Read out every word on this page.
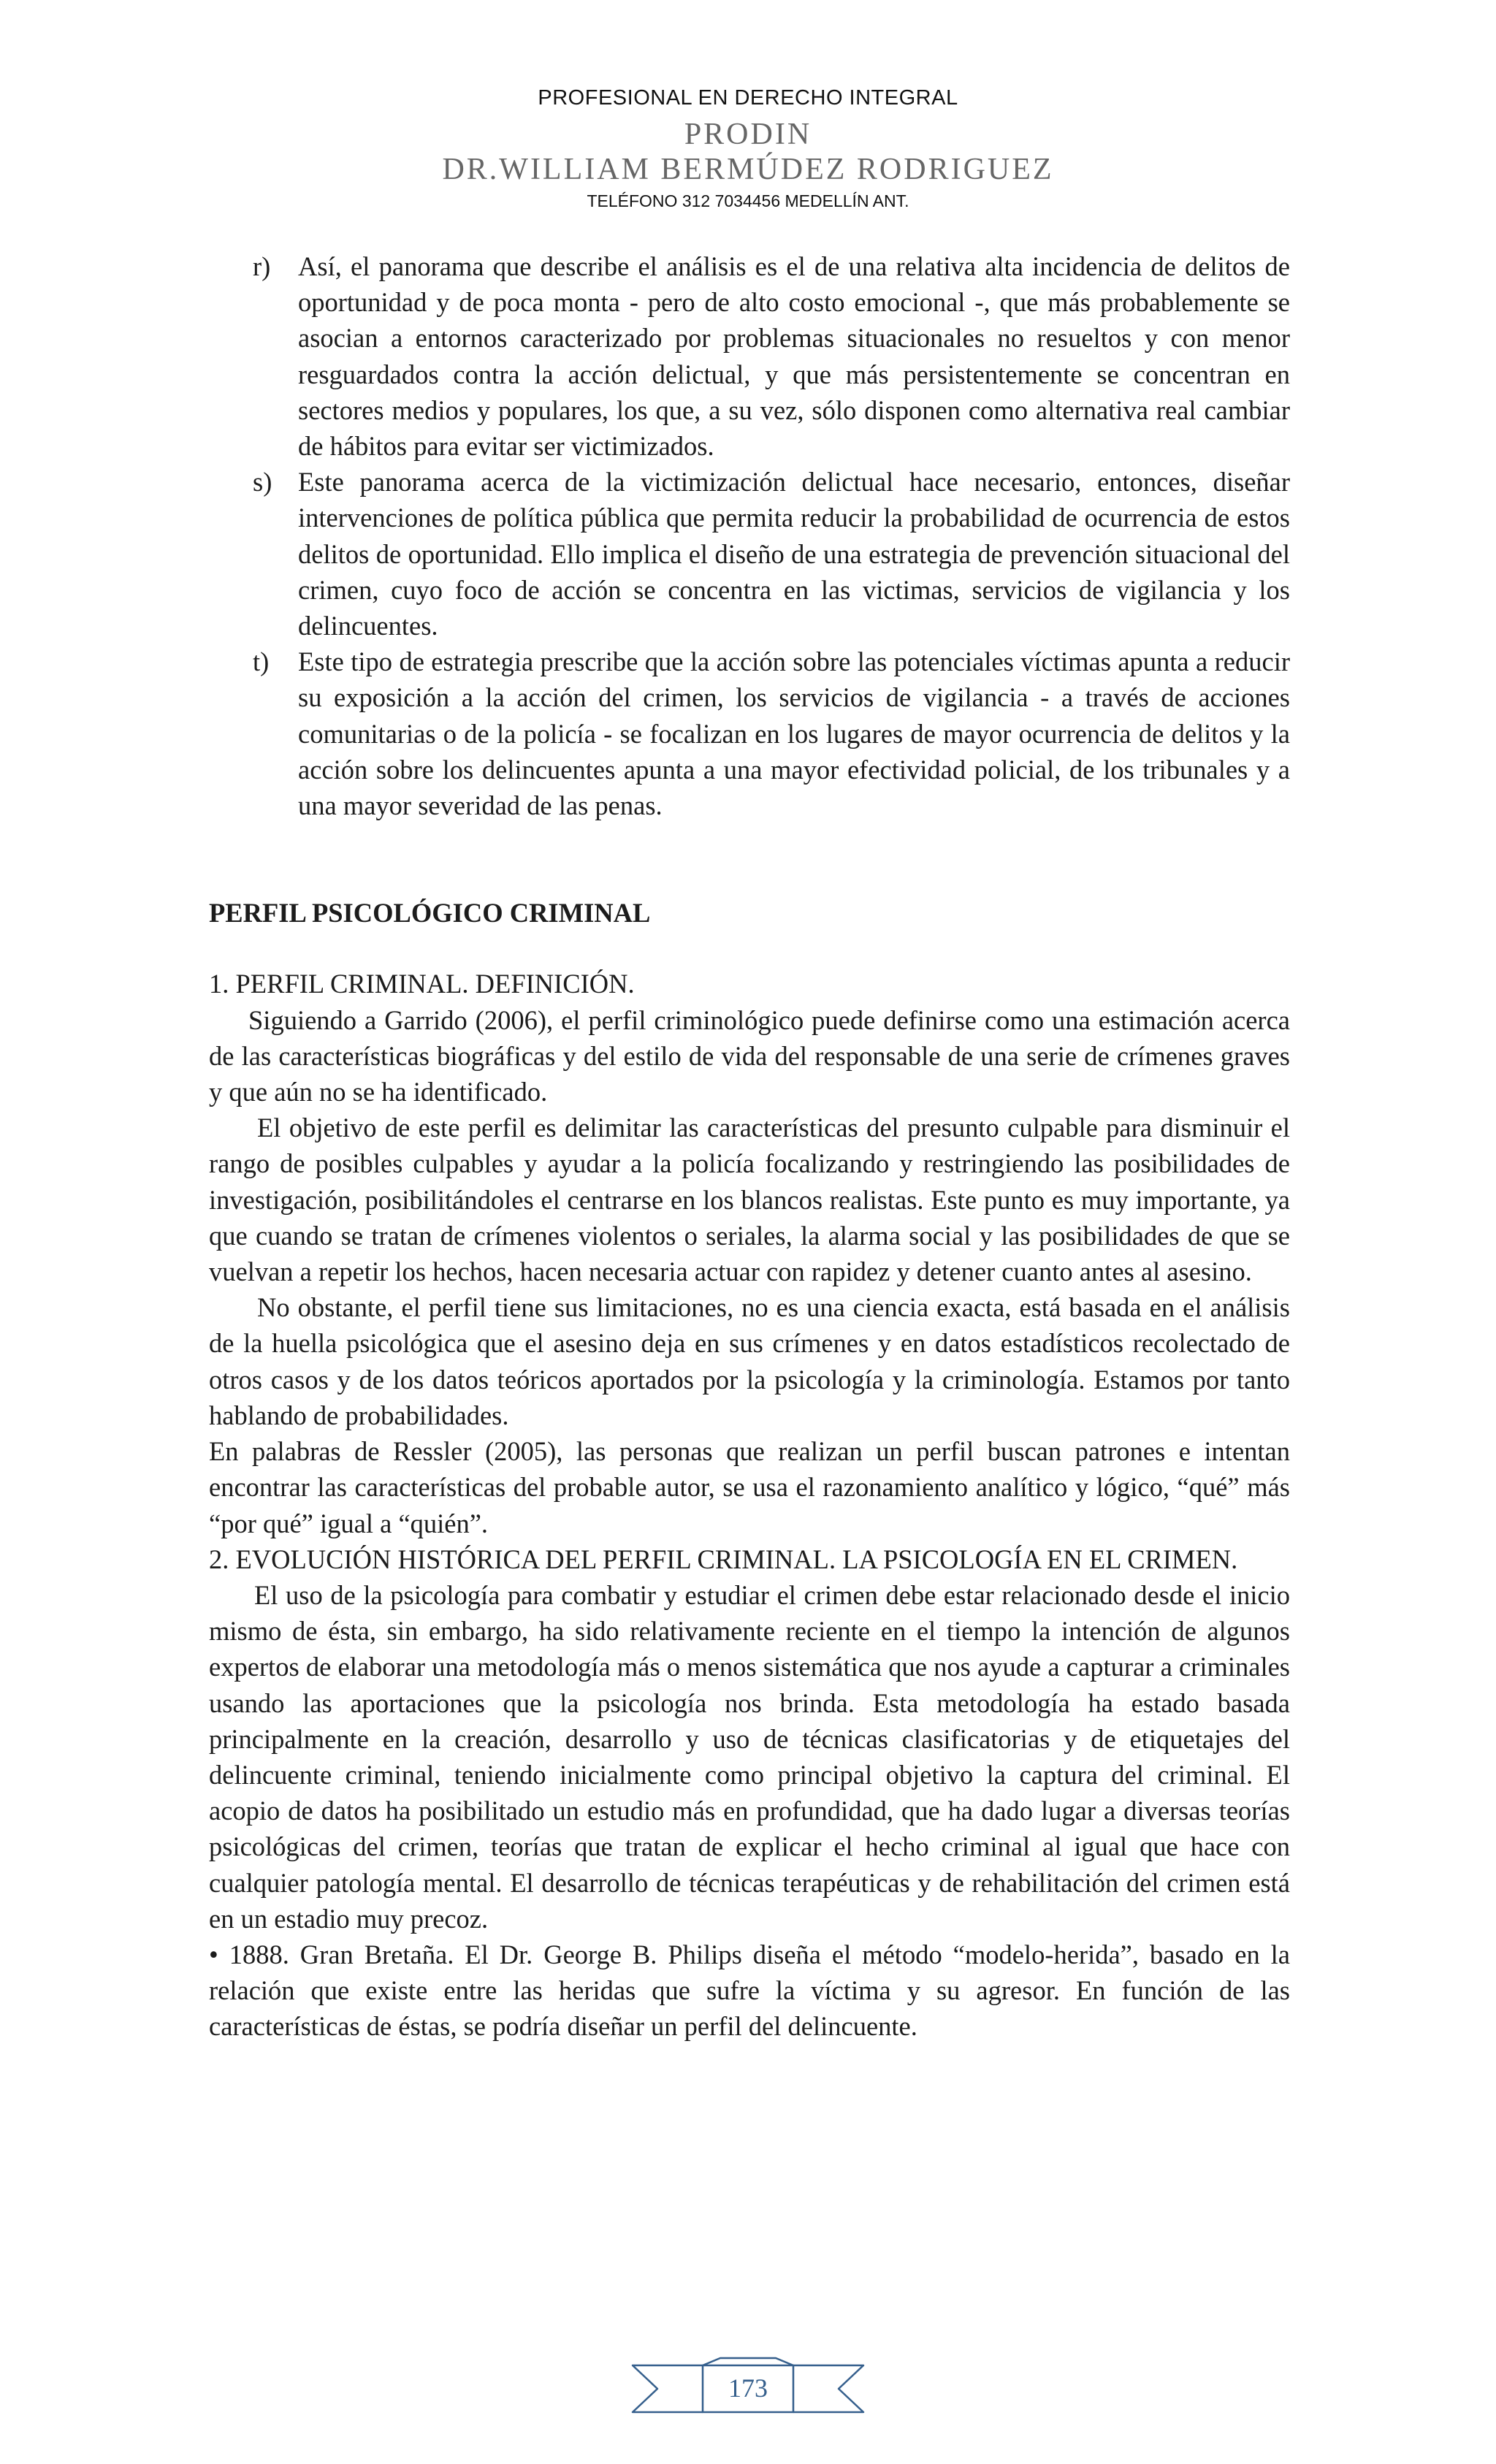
PROFESIONAL EN DERECHO INTEGRAL
PRODIN
DR.WILLIAM BERMÚDEZ RODRIGUEZ
TELÉFONO 312 7034456 MEDELLÍN ANT.
r) Así, el panorama que describe el análisis es el de una relativa alta incidencia de delitos de oportunidad y de poca monta - pero de alto costo emocional -, que más probablemente se asocian a entornos caracterizado por problemas situacionales no resueltos y con menor resguardados contra la acción delictual, y que más persistentemente se concentran en sectores medios y populares, los que, a su vez, sólo disponen como alternativa real cambiar de hábitos para evitar ser victimizados.
s) Este panorama acerca de la victimización delictual hace necesario, entonces, diseñar intervenciones de política pública que permita reducir la probabilidad de ocurrencia de estos delitos de oportunidad. Ello implica el diseño de una estrategia de prevención situacional del crimen, cuyo foco de acción se concentra en las victimas, servicios de vigilancia y los delincuentes.
t) Este tipo de estrategia prescribe que la acción sobre las potenciales víctimas apunta a reducir su exposición a la acción del crimen, los servicios de vigilancia - a través de acciones comunitarias o de la policía - se focalizan en los lugares de mayor ocurrencia de delitos y la acción sobre los delincuentes apunta a una mayor efectividad policial, de los tribunales y a una mayor severidad de las penas.
PERFIL PSICOLÓGICO CRIMINAL
1. PERFIL CRIMINAL. DEFINICIÓN.

Siguiendo a Garrido (2006), el perfil criminológico puede definirse como una estimación acerca de las características biográficas y del estilo de vida del responsable de una serie de crímenes graves y que aún no se ha identificado.

El objetivo de este perfil es delimitar las características del presunto culpable para disminuir el rango de posibles culpables y ayudar a la policía focalizando y restringiendo las posibilidades de investigación, posibilitándoles el centrarse en los blancos realistas. Este punto es muy importante, ya que cuando se tratan de crímenes violentos o seriales, la alarma social y las posibilidades de que se vuelvan a repetir los hechos, hacen necesaria actuar con rapidez y detener cuanto antes al asesino.

No obstante, el perfil tiene sus limitaciones, no es una ciencia exacta, está basada en el análisis de la huella psicológica que el asesino deja en sus crímenes y en datos estadísticos recolectado de otros casos y de los datos teóricos aportados por la psicología y la criminología. Estamos por tanto hablando de probabilidades.

En palabras de Ressler (2005), las personas que realizan un perfil buscan patrones e intentan encontrar las características del probable autor, se usa el razonamiento analítico y lógico, “qué” más “por qué” igual a “quién”.

2. EVOLUCIÓN HISTÓRICA DEL PERFIL CRIMINAL. LA PSICOLOGÍA EN EL CRIMEN.

El uso de la psicología para combatir y estudiar el crimen debe estar relacionado desde el inicio mismo de ésta, sin embargo, ha sido relativamente reciente en el tiempo la intención de algunos expertos de elaborar una metodología más o menos sistemática que nos ayude a capturar a criminales usando las aportaciones que la psicología nos brinda. Esta metodología ha estado basada principalmente en la creación, desarrollo y uso de técnicas clasificatorias y de etiquetajes del delincuente criminal, teniendo inicialmente como principal objetivo la captura del criminal. El acopio de datos ha posibilitado un estudio más en profundidad, que ha dado lugar a diversas teorías psicológicas del crimen, teorías que tratan de explicar el hecho criminal al igual que hace con cualquier patología mental. El desarrollo de técnicas terapéuticas y de rehabilitación del crimen está en un estadio muy precoz.

• 1888. Gran Bretaña. El Dr. George B. Philips diseña el método “modelo-herida”, basado en la relación que existe entre las heridas que sufre la víctima y su agresor. En función de las características de éstas, se podría diseñar un perfil del delincuente.

173
